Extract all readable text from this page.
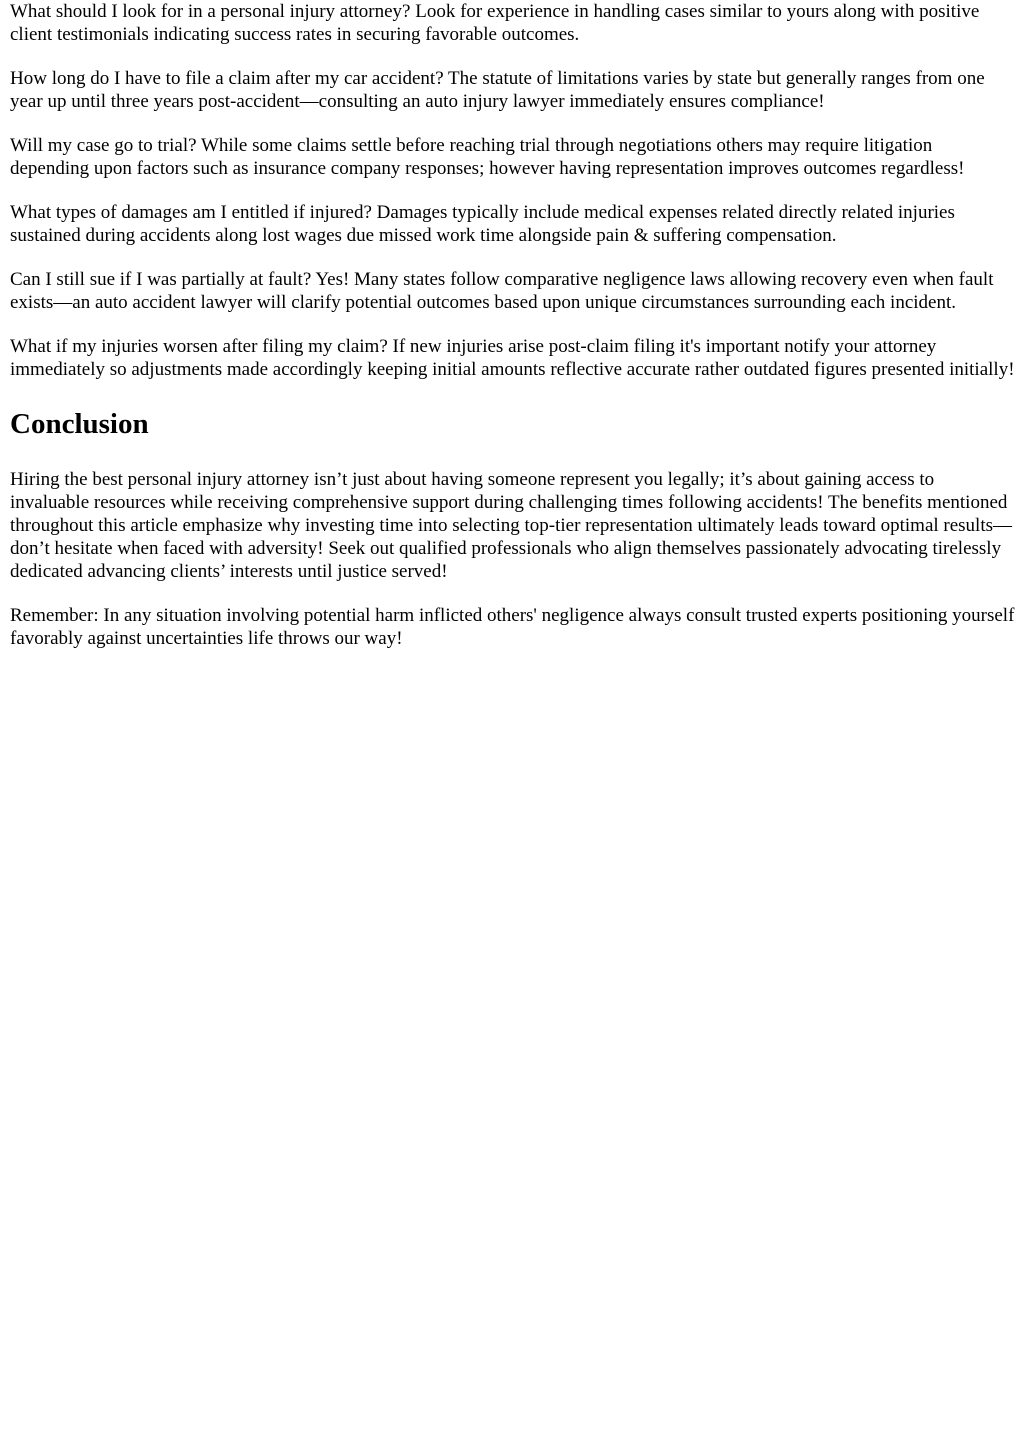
What should I look for in a personal injury attorney? Look for experience in handling cases similar to yours along with positive client testimonials indicating success rates in securing favorable outcomes.

How long do I have to file a claim after my car accident? The statute of limitations varies by state but generally ranges from one year up until three years post-accident—consulting an auto injury lawyer immediately ensures compliance!

Will my case go to trial? While some claims settle before reaching trial through negotiations others may require litigation depending upon factors such as insurance company responses; however having representation improves outcomes regardless!

What types of damages am I entitled if injured? Damages typically include medical expenses related directly related injuries sustained during accidents along lost wages due missed work time alongside pain & suffering compensation.

Can I still sue if I was partially at fault? Yes! Many states follow comparative negligence laws allowing recovery even when fault exists—an auto accident lawyer will clarify potential outcomes based upon unique circumstances surrounding each incident.

What if my injuries worsen after filing my claim? If new injuries arise post-claim filing it's important notify your attorney immediately so adjustments made accordingly keeping initial amounts reflective accurate rather outdated figures presented initially!

Conclusion

Hiring the best personal injury attorney isn’t just about having someone represent you legally; it’s about gaining access to invaluable resources while receiving comprehensive support during challenging times following accidents! The benefits mentioned throughout this article emphasize why investing time into selecting top-tier representation ultimately leads toward optimal results—don’t hesitate when faced with adversity! Seek out qualified professionals who align themselves passionately advocating tirelessly dedicated advancing clients’ interests until justice served!

Remember: In any situation involving potential harm inflicted others' negligence always consult trusted experts positioning yourself favorably against uncertainties life throws our way!
